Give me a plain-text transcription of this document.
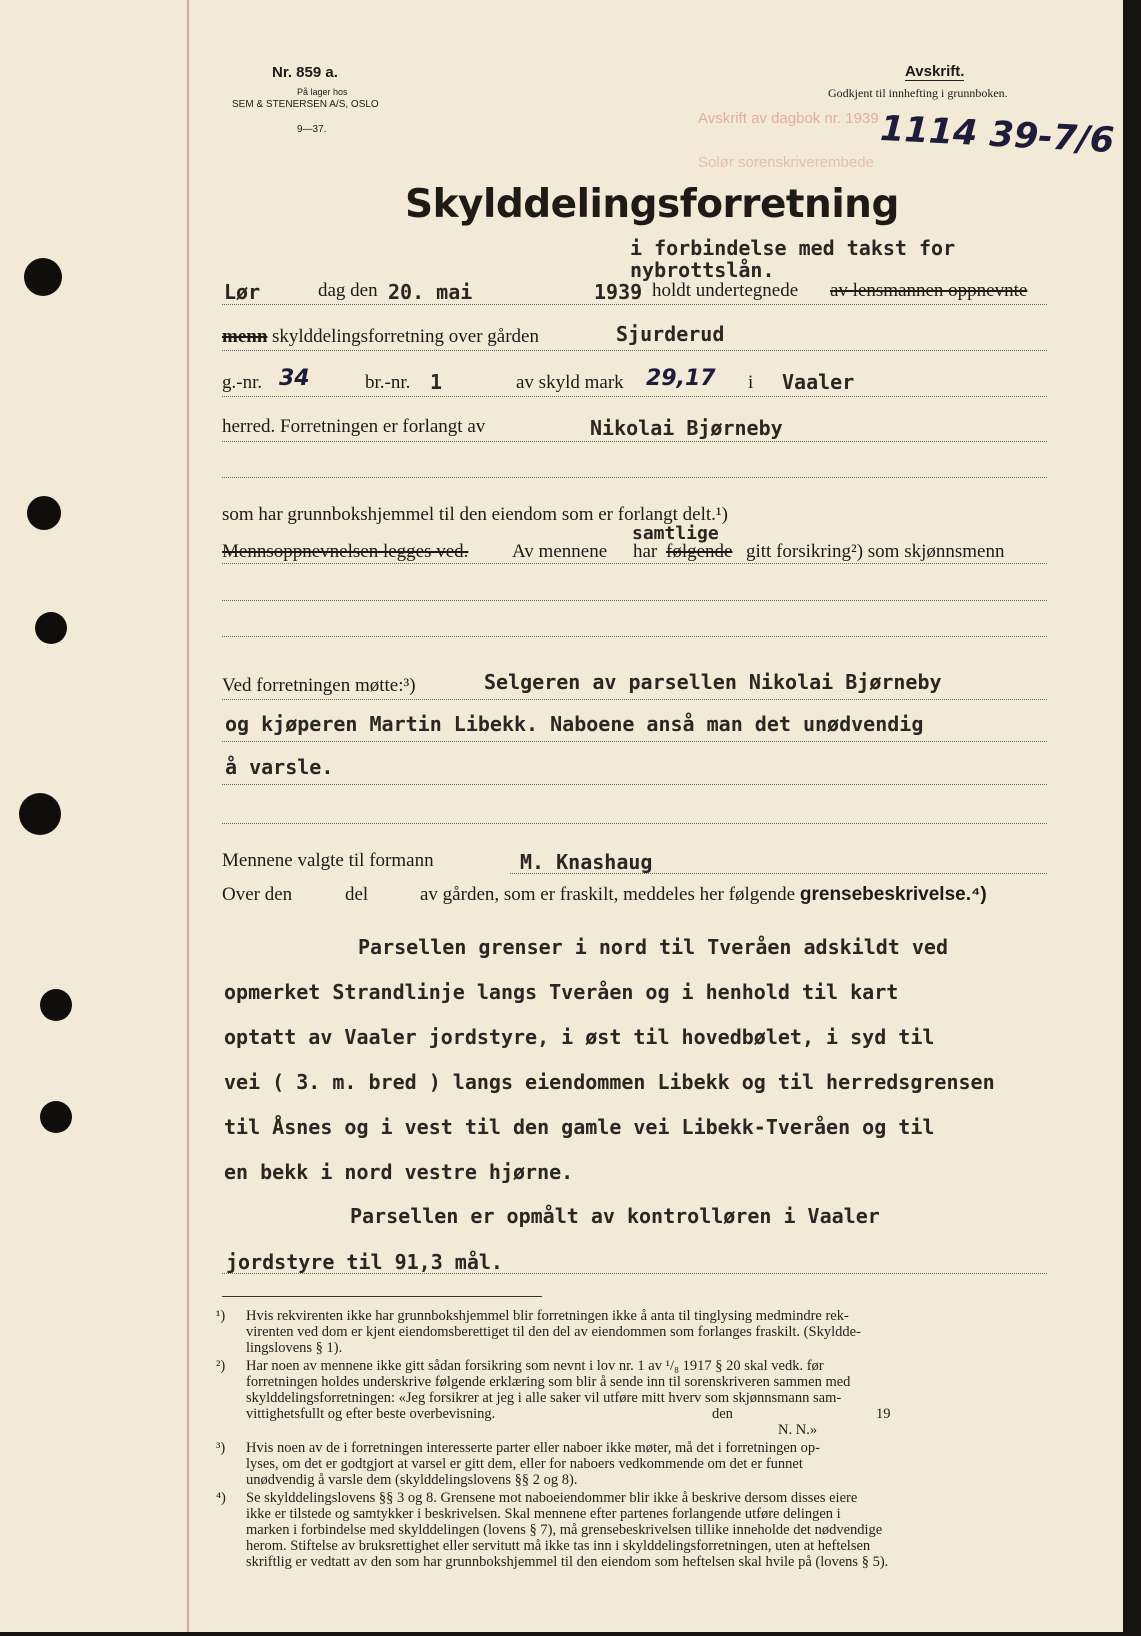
Nr. 859 a.
På lager hos
SEM & STENERSEN A/S, OSLO
9—37.
Avskrift.
Godkjent til innhefting i grunnboken.
Avskrift av dagbok nr. 1939
Solør sorenskriverembede
1114 39-7/6
Skylddelingsforretning
i forbindelse med takst for
nybrottslån.
Lør	dag den 20. mai	1939 holdt undertegnede av lensmannen oppnevnte
menn skylddelingsforretning over gården	Sjurderud
g.-nr. 34	br.-nr. 1	av skyld mark 29,17 i Vaaler
herred. Forretningen er forlangt av	Nikolai Bjørneby
som har grunnbokshjemmel til den eiendom som er forlangt delt.¹)
Mennsoppnevnelsen legges ved. Av mennene har
samtlige
følgende gitt forsikring²) som skjønnsmenn
Ved forretningen møtte:³)	Selgeren av parsellen Nikolai Bjørneby
og kjøperen Martin Libekk. Naboene anså man det unødvendig
å varsle.
Mennene valgte til formann	M. Knashaug
Over den	del	av gården, som er fraskilt, meddeles her følgende grensebeskrivelse.⁴)
Parsellen grenser i nord til Tveråen adskildt ved
opmerket Strandlinje langs Tveråen og i henhold til kart
optatt av Vaaler jordstyre, i øst til hovedbølet, i syd til
vei ( 3. m. bred ) langs eiendommen Libekk og til herredsgrensen
til Åsnes og i vest til den gamle vei Libekk-Tveråen og til
en bekk i nord vestre hjørne.
Parsellen er opmålt av kontrolløren i Vaaler
jordstyre til 91,3 mål.
¹) Hvis rekvirenten ikke har grunnbokshjemmel blir forretningen ikke å anta til tinglysing medmindre rek-
virenten ved dom er kjent eiendomsberettiget til den del av eiendommen som forlanges fraskilt. (Skyldde-
lingslovens § 1).
²) Har noen av mennene ikke gitt sådan forsikring som nevnt i lov nr. 1 av ¹/₈ 1917 § 20 skal vedk. før
forretningen holdes underskrive følgende erklæring som blir å sende inn til sorenskriveren sammen med
skylddelingsforretningen: «Jeg forsikrer at jeg i alle saker vil utføre mitt hverv som skjønnsmann sam-
vittighetsfullt og efter beste overbevisning.	den	19
N. N.»
³) Hvis noen av de i forretningen interesserte parter eller naboer ikke møter, må det i forretningen op-
lyses, om det er godtgjort at varsel er gitt dem, eller for naboers vedkommende om det er funnet
unødvendig å varsle dem (skylddelingslovens §§ 2 og 8).
⁴) Se skylddelingslovens §§ 3 og 8. Grensene mot naboeiendommer blir ikke å beskrive dersom disses eiere
ikke er tilstede og samtykker i beskrivelsen. Skal mennene efter partenes forlangende utføre delingen i
marken i forbindelse med skylddelingen (lovens § 7), må grensebeskrivelsen tillike inneholde det nødvendige
herom. Stiftelse av bruksrettighet eller servitutt må ikke tas inn i skylddelingsforretningen, uten at heftelsen
skriftlig er vedtatt av den som har grunnbokshjemmel til den eiendom som heftelsen skal hvile på (lovens § 5).
